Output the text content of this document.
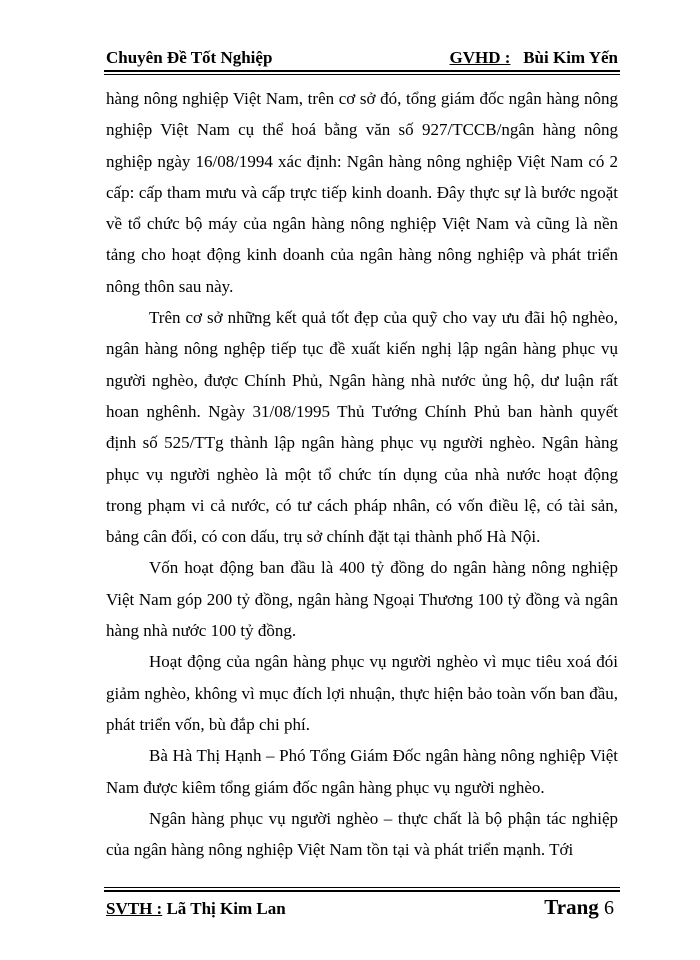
Chuyên Đề Tốt Nghiệp	GVHD : Bùi Kim Yến

hàng nông nghiệp Việt Nam, trên cơ sở đó, tổng giám đốc ngân hàng nông nghiệp Việt Nam cụ thể hoá bằng văn số 927/TCCB/ngân hàng nông nghiệp ngày 16/08/1994 xác định: Ngân hàng nông nghiệp Việt Nam có 2 cấp: cấp tham mưu và cấp trực tiếp kinh doanh. Đây thực sự là bước ngoặt về tổ chức bộ máy của ngân hàng nông nghiệp Việt Nam và cũng là nền tảng cho hoạt động kinh doanh của ngân hàng nông nghiệp và phát triển nông thôn sau này.

Trên cơ sở những kết quả tốt đẹp của quỹ cho vay ưu đãi hộ nghèo, ngân hàng nông nghệp tiếp tục đề xuất kiến nghị lập ngân hàng phục vụ người nghèo, được Chính Phủ, Ngân hàng nhà nước ủng hộ, dư luận rất hoan nghênh. Ngày 31/08/1995 Thủ Tướng Chính Phủ ban hành quyết định số 525/TTg thành lập ngân hàng phục vụ người nghèo. Ngân hàng phục vụ người nghèo là một tổ chức tín dụng của nhà nước hoạt động trong phạm vi cả nước, có tư cách pháp nhân, có vốn điều lệ, có tài sản, bảng cân đối, có con dấu, trụ sở chính đặt tại thành phố Hà Nội.

Vốn hoạt động ban đầu là 400 tỷ đồng do ngân hàng nông nghiệp Việt Nam góp 200 tỷ đồng, ngân hàng Ngoại Thương 100 tỷ đồng và ngân hàng nhà nước 100 tỷ đồng.

Hoạt động của ngân hàng phục vụ người nghèo vì mục tiêu xoá đói giảm nghèo, không vì mục đích lợi nhuận, thực hiện bảo toàn vốn ban đầu, phát triển vốn, bù đắp chi phí.

Bà Hà Thị Hạnh – Phó Tổng Giám Đốc ngân hàng nông nghiệp Việt Nam được kiêm tổng giám đốc ngân hàng phục vụ người nghèo.

Ngân hàng phục vụ người nghèo – thực chất là bộ phận tác nghiệp của ngân hàng nông nghiệp Việt Nam tồn tại và phát triển mạnh. Tới

SVTH : Lã Thị Kim Lan	Trang 6
